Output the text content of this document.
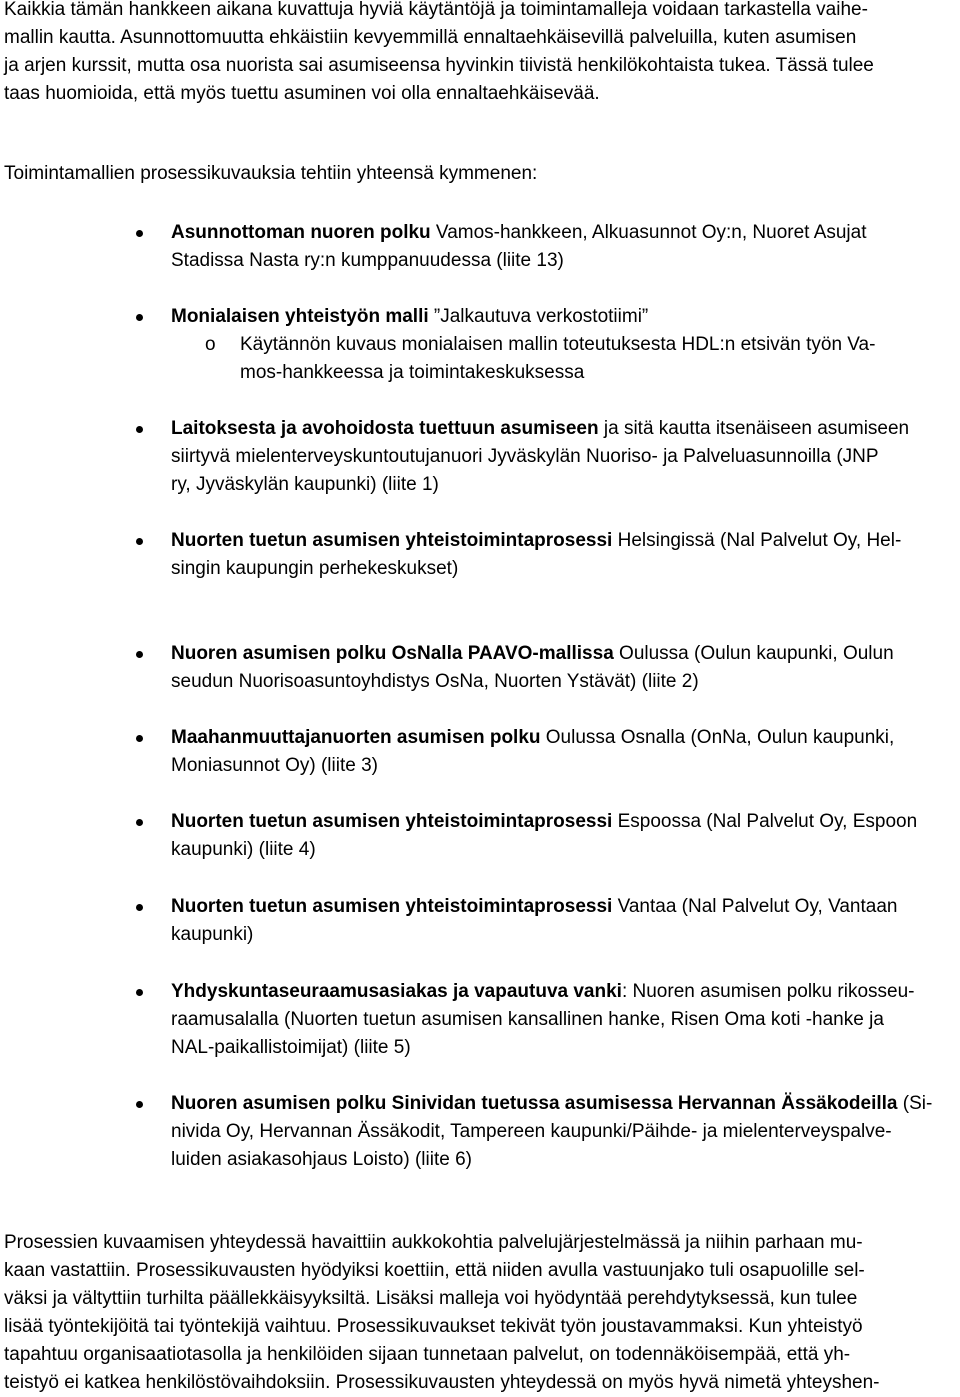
Kaikkia tämän hankkeen aikana kuvattuja hyviä käytäntöjä ja toimintamalleja voidaan tarkastella vaihe-
mallin kautta. Asunnottomuutta ehkäistiin kevyemmillä ennaltaehkäisevillä palveluilla, kuten asumisen
ja arjen kurssit, mutta osa nuorista sai asumiseensa hyvinkin tiivistä henkilökohtaista tukea. Tässä tulee
taas huomioida, että myös tuettu asuminen voi olla ennaltaehkäisevää.
Toimintamallien prosessikuvauksia tehtiin yhteensä kymmenen:
Asunnottoman nuoren polku Vamos-hankkeen, Alkuasunnot Oy:n, Nuoret Asujat
Stadissa Nasta ry:n kumppanuudessa (liite 13)
Monialaisen yhteistyön malli ”Jalkautuva verkostotiimi”
o Käytännön kuvaus monialaisen mallin toteutuksesta HDL:n etsivän työn Va-
mos-hankkeessa ja toimintakeskuksessa
Laitoksesta ja avohoidosta tuettuun asumiseen ja sitä kautta itsenäiseen asumiseen
siirtyvä mielenterveyskuntoutujanuori Jyväskylän Nuoriso- ja Palveluasunnoilla (JNP
ry, Jyväskylän kaupunki) (liite 1)
Nuorten tuetun asumisen yhteistoimintaprosessi Helsingissä (Nal Palvelut Oy, Hel-
singin kaupungin perhekeskukset)
Nuoren asumisen polku OsNalla PAAVO-mallissa Oulussa (Oulun kaupunki, Oulun
seudun Nuorisoasuntoyhdistys OsNa, Nuorten Ystävät) (liite 2)
Maahanmuuttajanuorten asumisen polku Oulussa Osnalla (OnNa, Oulun kaupunki,
Moniasunnot Oy) (liite 3)
Nuorten tuetun asumisen yhteistoimintaprosessi Espoossa (Nal Palvelut Oy, Espoon
kaupunki) (liite 4)
Nuorten tuetun asumisen yhteistoimintaprosessi Vantaa (Nal Palvelut Oy, Vantaan
kaupunki)
Yhdyskuntaseuraamusasiakas ja vapautuva vanki: Nuoren asumisen polku rikosseu-
raamusalalla (Nuorten tuetun asumisen kansallinen hanke, Risen Oma koti -hanke ja
NAL-paikallistoimijat) (liite 5)
Nuoren asumisen polku Sinividan tuetussa asumisessa Hervannan Ässäkodeilla (Si-
nivida Oy, Hervannan Ässäkodit, Tampereen kaupunki/Päihde- ja mielenterveyspalve-
luiden asiakasohjaus Loisto) (liite 6)
Prosessien kuvaamisen yhteydessä havaittiin aukkokohtia palvelujärjestelmässä ja niihin parhaan mu-
kaan vastattiin. Prosessikuvausten hyödyiksi koettiin, että niiden avulla vastuunjako tuli osapuolille sel-
väksi ja vältyttiin turhilta päällekkäisyyksiltä. Lisäksi malleja voi hyödyntää perehdytyksessä, kun tulee
lisää työntekijöitä tai työntekijä vaihtuu. Prosessikuvaukset tekivät työn joustavammaksi. Kun yhteistyö
tapahtuu organisaatiotasolla ja henkilöiden sijaan tunnetaan palvelut, on todennäköisempää, että yh-
teistyö ei katkea henkilöstövaihdoksiin. Prosessikuvausten yhteydessä on myös hyvä nimetä yhteyshen-
